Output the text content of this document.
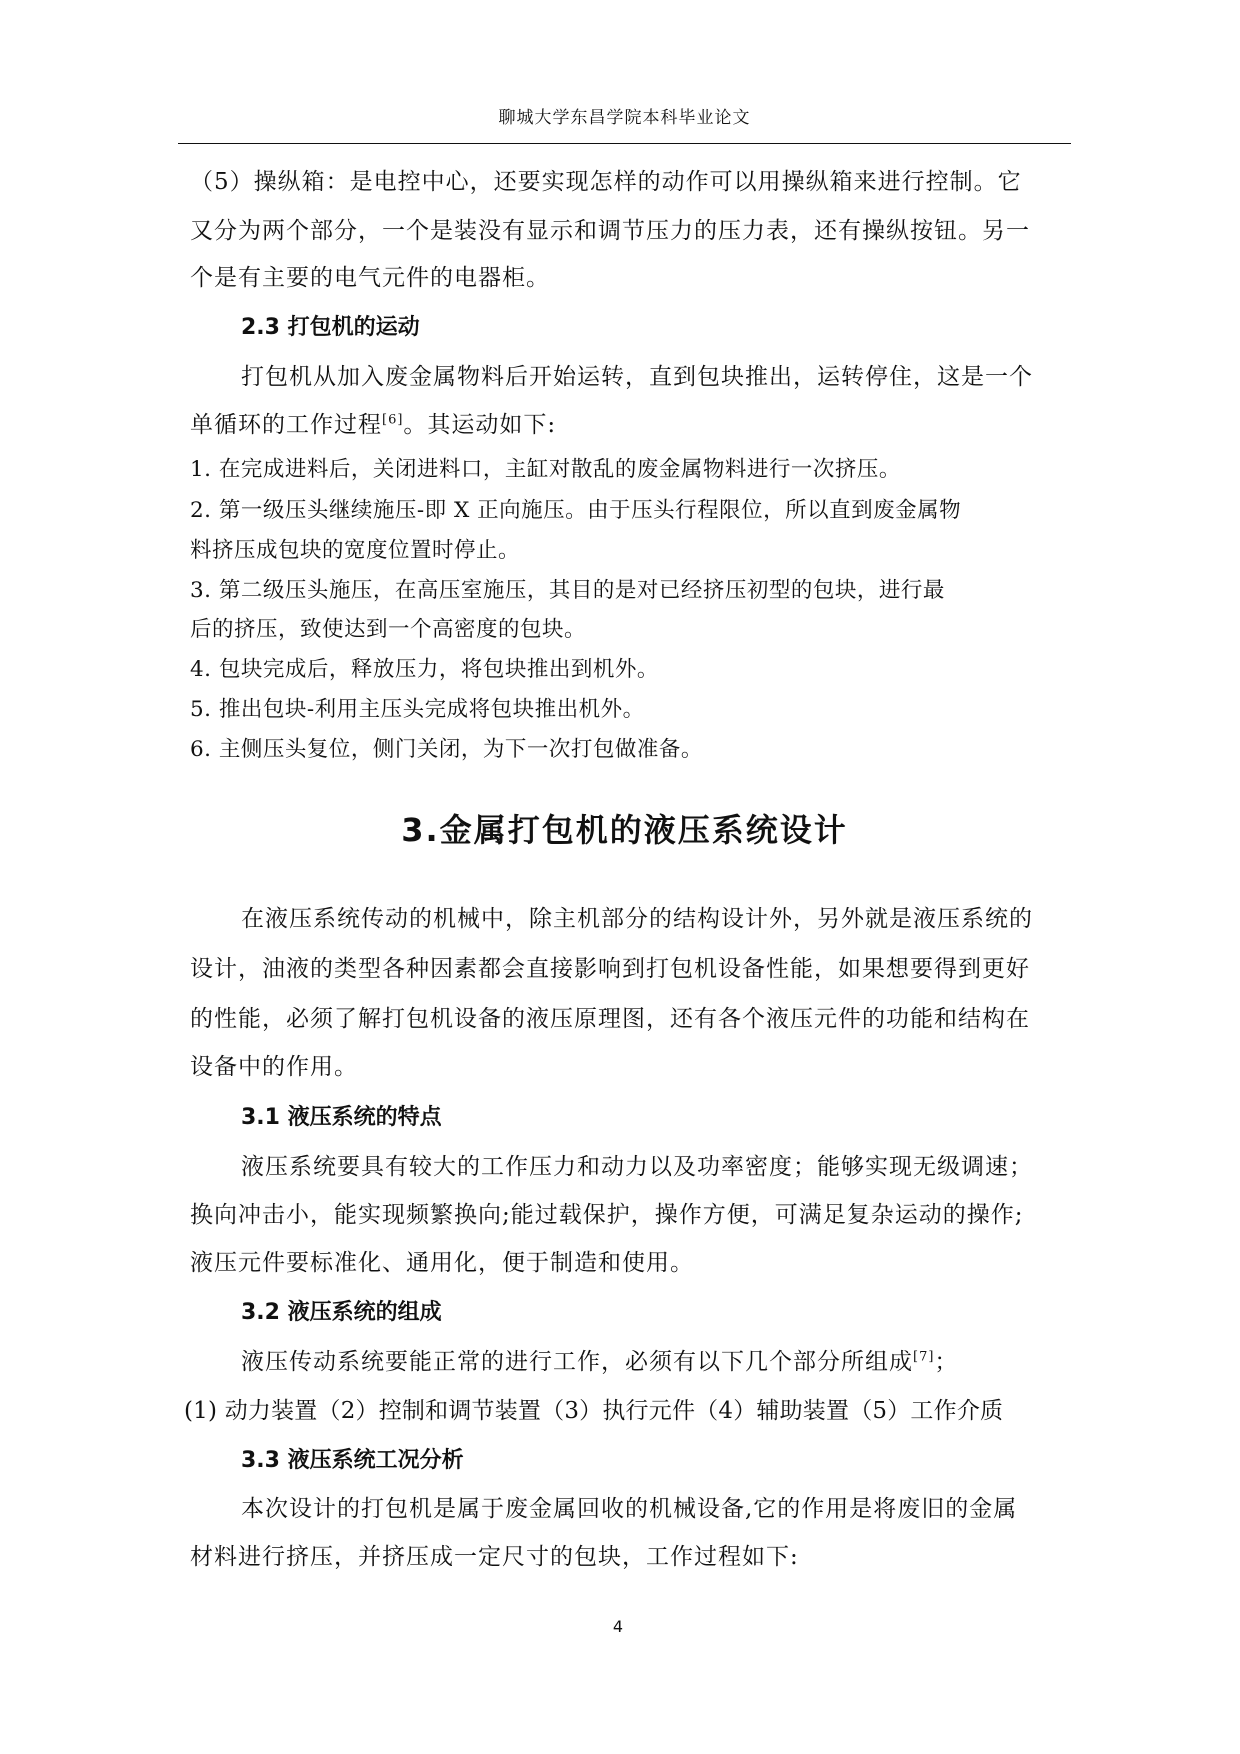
聊城大学东昌学院本科毕业论文
（5）操纵箱：是电控中心，还要实现怎样的动作可以用操纵箱来进行控制。它
又分为两个部分，一个是装没有显示和调节压力的压力表，还有操纵按钮。另一
个是有主要的电气元件的电器柜。
2.3 打包机的运动
打包机从加入废金属物料后开始运转，直到包块推出，运转停住，这是一个
单循环的工作过程[6]。其运动如下:
1. 在完成进料后，关闭进料口，主缸对散乱的废金属物料进行一次挤压。
2. 第一级压头继续施压-即 X 正向施压。由于压头行程限位，所以直到废金属物
料挤压成包块的宽度位置时停止。
3. 第二级压头施压，在高压室施压，其目的是对已经挤压初型的包块，进行最
后的挤压，致使达到一个高密度的包块。
4. 包块完成后，释放压力，将包块推出到机外。
5. 推出包块-利用主压头完成将包块推出机外。
6. 主侧压头复位，侧门关闭，为下一次打包做准备。
3.金属打包机的液压系统设计
在液压系统传动的机械中，除主机部分的结构设计外，另外就是液压系统的
设计，油液的类型各种因素都会直接影响到打包机设备性能，如果想要得到更好
的性能，必须了解打包机设备的液压原理图，还有各个液压元件的功能和结构在
设备中的作用。
3.1 液压系统的特点
液压系统要具有较大的工作压力和动力以及功率密度；能够实现无级调速；
换向冲击小，能实现频繁换向;能过载保护，操作方便，可满足复杂运动的操作;
液压元件要标准化、通用化，便于制造和使用。
3.2 液压系统的组成
液压传动系统要能正常的进行工作，必须有以下几个部分所组成[7]；
(1) 动力装置（2）控制和调节装置（3）执行元件（4）辅助装置（5）工作介质
3.3 液压系统工况分析
本次设计的打包机是属于废金属回收的机械设备,它的作用是将废旧的金属
材料进行挤压，并挤压成一定尺寸的包块，工作过程如下:
4
